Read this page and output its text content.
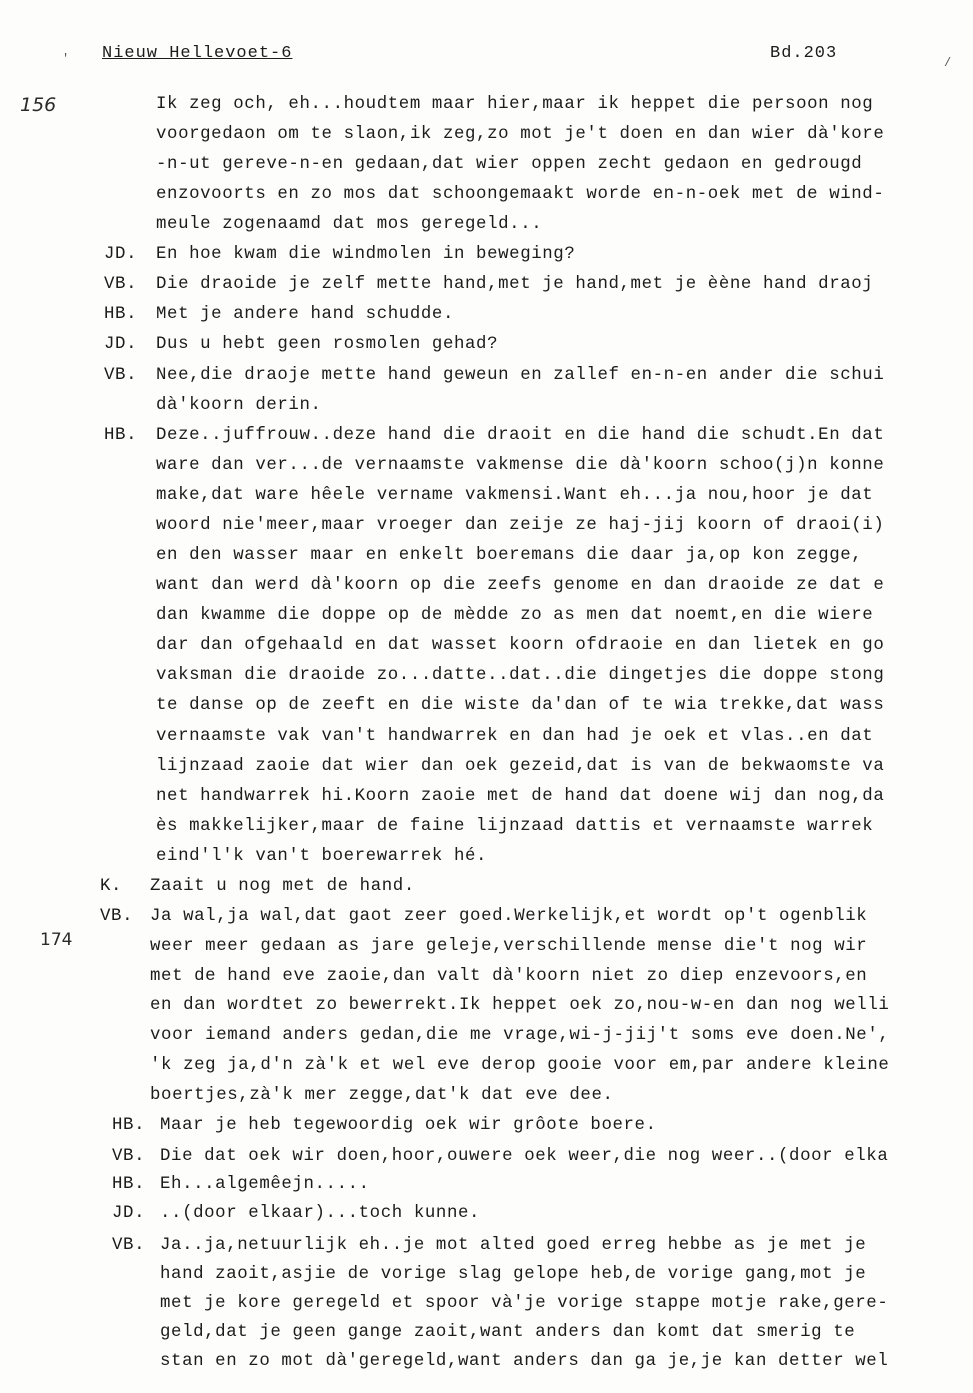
Nieuw Hellevoet-6	Bd.203
156
174
'	/
Ik zeg och, eh...houdtem maar hier,maar ik heppet die persoon nog
voorgedaon om te slaon,ik zeg,zo mot je't doen en dan wier dà'kore
-n-ut gereve-n-en gedaan,dat wier oppen zecht gedaon en gedrougd
enzovoorts en zo mos dat schoongemaakt worde en-n-oek met de wind-
meule zogenaamd dat mos geregeld...
JD. En hoe kwam die windmolen in beweging?
VB. Die draoide je zelf mette hand,met je hand,met je èène hand draoj
HB. Met je andere hand schudde.
JD. Dus u hebt geen rosmolen gehad?
VB. Nee,die draoje mette hand geweun en zallef en-n-en ander die schui
dà'koorn derin.
HB. Deze..juffrouw..deze hand die draoit en die hand die schudt.En dat
ware dan ver...de vernaamste vakmense die dà'koorn schoo(j)n konne
make,dat ware hêele vername vakmensi.Want eh...ja nou,hoor je dat
woord nie'meer,maar vroeger dan zeije ze haj-jij koorn of draoi(i)
en den wasser maar en enkelt boeremans die daar ja,op kon zegge,
want dan werd dà'koorn op die zeefs genome en dan draoide ze dat e
dan kwamme die doppe op de mèdde zo as men dat noemt,en die wiere
dar dan ofgehaald en dat wasset koorn ofdraoie en dan lietek en go
vaksman die draoide zo...datte..dat..die dingetjes die doppe stong
te danse op de zeeft en die wiste da'dan of te wia trekke,dat wass
vernaamste vak van't handwarrek en dan had je oek et vlas..en dat
lijnzaad zaoie dat wier dan oek gezeid,dat is van de bekwaomste va
net handwarrek hi.Koorn zaoie met de hand dat doene wij dan nog,da
ès makkelijker,maar de faine lijnzaad dattis et vernaamste warrek
eind'l'k van't boerewarrek hé.
K. Zaait u nog met de hand.
VB. Ja wal,ja wal,dat gaot zeer goed.Werkelijk,et wordt op't ogenblik
weer meer gedaan as jare geleje,verschillende mense die't nog wir
met de hand eve zaoie,dan valt dà'koorn niet zo diep enzevoors,en
en dan wordtet zo bewerrekt.Ik heppet oek zo,nou-w-en dan nog welli
voor iemand anders gedan,die me vrage,wi-j-jij't soms eve doen.Ne',
'k zeg ja,d'n zà'k et wel eve derop gooie voor em,par andere kleine
boertjes,zà'k mer zegge,dat'k dat eve dee.
HB. Maar je heb tegewoordig oek wir grôote boere.
VB. Die dat oek wir doen,hoor,ouwere oek weer,die nog weer..(door elka
HB. Eh...algemêejn.....
JD. ..(door elkaar)...toch kunne.
VB. Ja..ja,netuurlijk eh..je mot alted goed erreg hebbe as je met je
hand zaoit,asjie de vorige slag gelope heb,de vorige gang,mot je
met je kore geregeld et spoor và'je vorige stappe motje rake,gere-
geld,dat je geen gange zaoit,want anders dan komt dat smerig te
stan en zo mot dà'geregeld,want anders dan ga je,je kan detter wel
